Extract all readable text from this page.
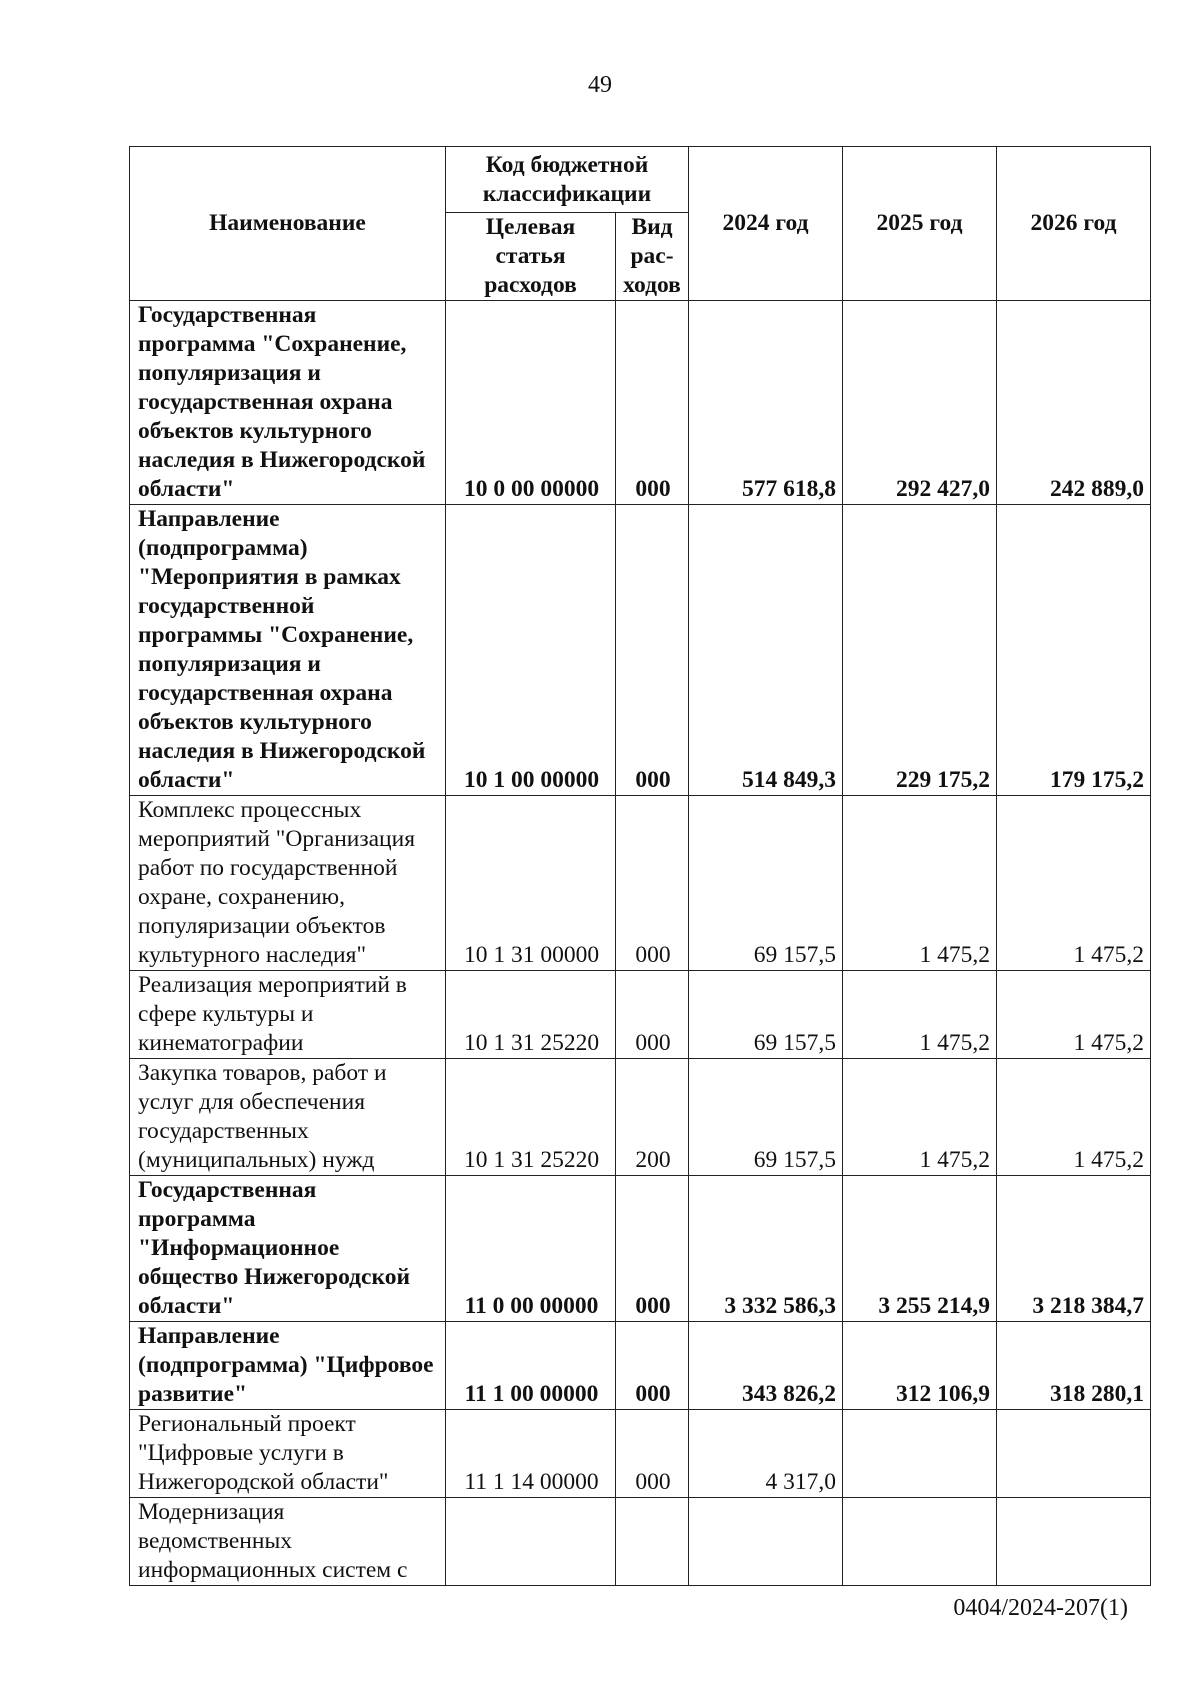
49
Наименование	Код бюджетной классификации		2024 год	2025 год	2026 год
	Целевая статья расходов	Вид рас-ходов			
Государственная программа "Сохранение, популяризация и государственная охрана объектов культурного наследия в Нижегородской области"	10 0 00 00000	000	577 618,8	292 427,0	242 889,0
Направление (подпрограмма) "Мероприятия в рамках государственной программы "Сохранение, популяризация и государственная охрана объектов культурного наследия в Нижегородской области"	10 1 00 00000	000	514 849,3	229 175,2	179 175,2
Комплекс процессных мероприятий "Организация работ по государственной охране, сохранению, популяризации объектов культурного наследия"	10 1 31 00000	000	69 157,5	1 475,2	1 475,2
Реализация мероприятий в сфере культуры и кинематографии	10 1 31 25220	000	69 157,5	1 475,2	1 475,2
Закупка товаров, работ и услуг для обеспечения государственных (муниципальных) нужд	10 1 31 25220	200	69 157,5	1 475,2	1 475,2
Государственная программа "Информационное общество Нижегородской области"	11 0 00 00000	000	3 332 586,3	3 255 214,9	3 218 384,7
Направление (подпрограмма) "Цифровое развитие"	11 1 00 00000	000	343 826,2	312 106,9	318 280,1
Региональный проект "Цифровые услуги в Нижегородской области"	11 1 14 00000	000	4 317,0		
Модернизация ведомственных информационных систем с					
0404/2024-207(1)
